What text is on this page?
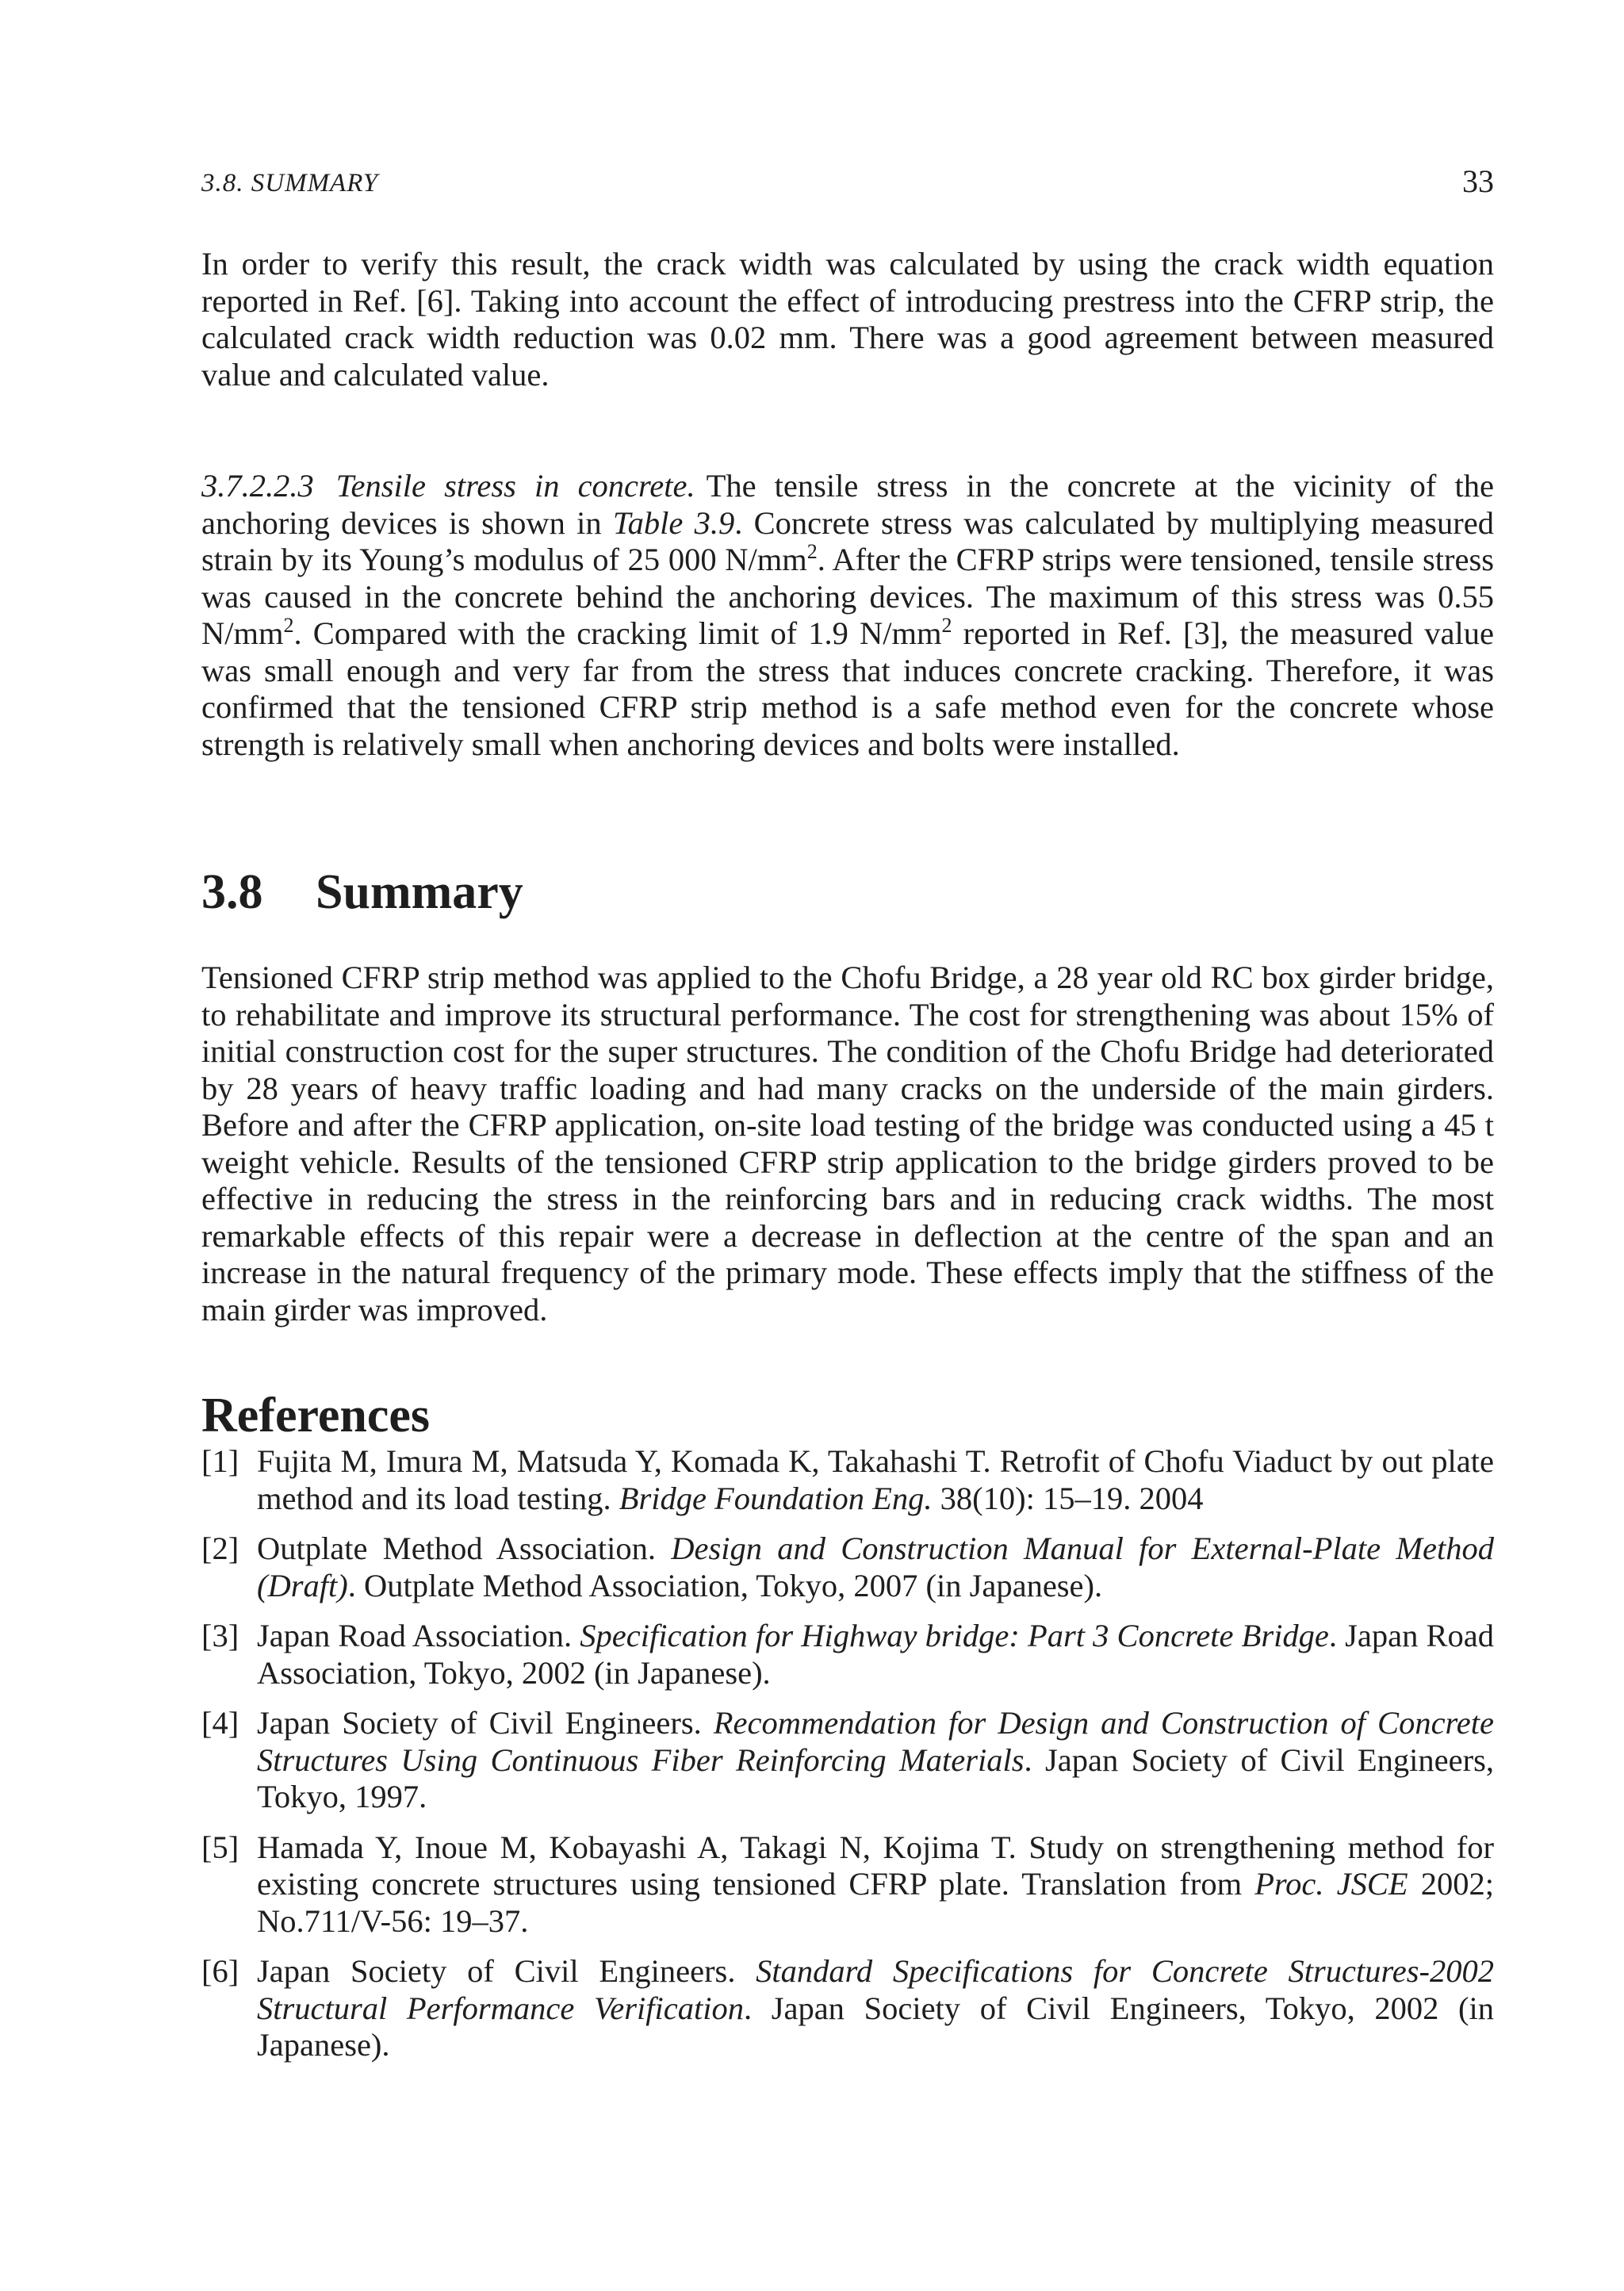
3.8. SUMMARY	33

In order to verify this result, the crack width was calculated by using the crack width equation reported in Ref. [6]. Taking into account the effect of introducing prestress into the CFRP strip, the calculated crack width reduction was 0.02 mm. There was a good agreement between measured value and calculated value.

3.7.2.2.3 Tensile stress in concrete. The tensile stress in the concrete at the vicinity of the anchoring devices is shown in Table 3.9. Concrete stress was calculated by multiplying measured strain by its Young’s modulus of 25 000 $N/mm^2$. After the CFRP strips were tensioned, tensile stress was caused in the concrete behind the anchoring devices. The maximum of this stress was 0.55 $N/mm^2$. Compared with the cracking limit of 1.9 $N/mm^2$ reported in Ref. [3], the measured value was small enough and very far from the stress that induces concrete cracking. Therefore, it was confirmed that the tensioned CFRP strip method is a safe method even for the concrete whose strength is relatively small when anchoring devices and bolts were installed.

3.8 Summary

Tensioned CFRP strip method was applied to the Chofu Bridge, a 28 year old RC box girder bridge, to rehabilitate and improve its structural performance. The cost for strengthening was about 15% of initial construction cost for the super structures. The condition of the Chofu Bridge had deteriorated by 28 years of heavy traffic loading and had many cracks on the underside of the main girders. Before and after the CFRP application, on-site load testing of the bridge was conducted using a 45 t weight vehicle. Results of the tensioned CFRP strip application to the bridge girders proved to be effective in reducing the stress in the reinforcing bars and in reducing crack widths. The most remarkable effects of this repair were a decrease in deflection at the centre of the span and an increase in the natural frequency of the primary mode. These effects imply that the stiffness of the main girder was improved.

References
[1] Fujita M, Imura M, Matsuda Y, Komada K, Takahashi T. Retrofit of Chofu Viaduct by out plate method and its load testing. Bridge Foundation Eng. 38(10): 15–19. 2004
[2] Outplate Method Association. Design and Construction Manual for External-Plate Method (Draft). Outplate Method Association, Tokyo, 2007 (in Japanese).
[3] Japan Road Association. Specification for Highway bridge: Part 3 Concrete Bridge. Japan Road Association, Tokyo, 2002 (in Japanese).
[4] Japan Society of Civil Engineers. Recommendation for Design and Construction of Concrete Structures Using Continuous Fiber Reinforcing Materials. Japan Society of Civil Engineers, Tokyo, 1997.
[5] Hamada Y, Inoue M, Kobayashi A, Takagi N, Kojima T. Study on strengthening method for existing concrete structures using tensioned CFRP plate. Translation from Proc. JSCE 2002; No.711/V-56: 19–37.
[6] Japan Society of Civil Engineers. Standard Specifications for Concrete Structures-2002 Structural Performance Verification. Japan Society of Civil Engineers, Tokyo, 2002 (in Japanese).
